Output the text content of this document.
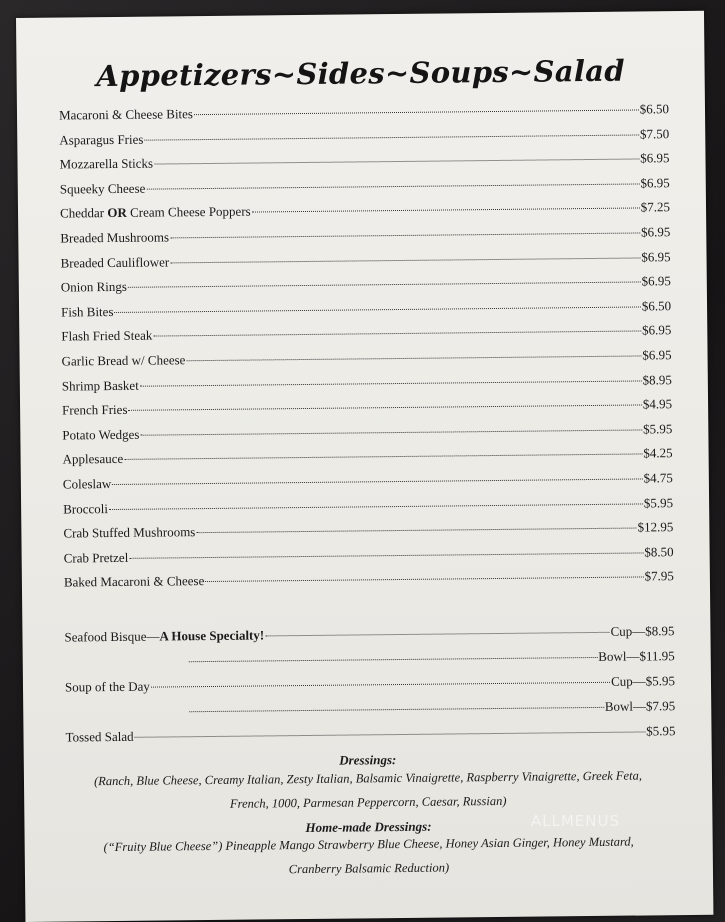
Appetizers~Sides~Soups~Salad
Macaroni & Cheese Bites	$6.50
Asparagus Fries	$7.50
Mozzarella Sticks	$6.95
Squeeky Cheese	$6.95
Cheddar OR Cream Cheese Poppers	$7.25
Breaded Mushrooms	$6.95
Breaded Cauliflower	$6.95
Onion Rings	$6.95
Fish Bites	$6.50
Flash Fried Steak	$6.95
Garlic Bread w/ Cheese	$6.95
Shrimp Basket	$8.95
French Fries	$4.95
Potato Wedges	$5.95
Applesauce	$4.25
Coleslaw	$4.75
Broccoli	$5.95
Crab Stuffed Mushrooms	$12.95
Crab Pretzel	$8.50
Baked Macaroni & Cheese	$7.95
Seafood Bisque—A House Specialty!	Cup—$8.95
Bowl—$11.95
Soup of the Day	Cup—$5.95
Bowl—$7.95
Tossed Salad	$5.95
Dressings:
(Ranch, Blue Cheese, Creamy Italian, Zesty Italian, Balsamic Vinaigrette, Raspberry Vinaigrette, Greek Feta,
French, 1000, Parmesan Peppercorn, Caesar, Russian)
Home-made Dressings:
(“Fruity Blue Cheese”) Pineapple Mango Strawberry Blue Cheese, Honey Asian Ginger, Honey Mustard,
Cranberry Balsamic Reduction)
ALLMENUS
